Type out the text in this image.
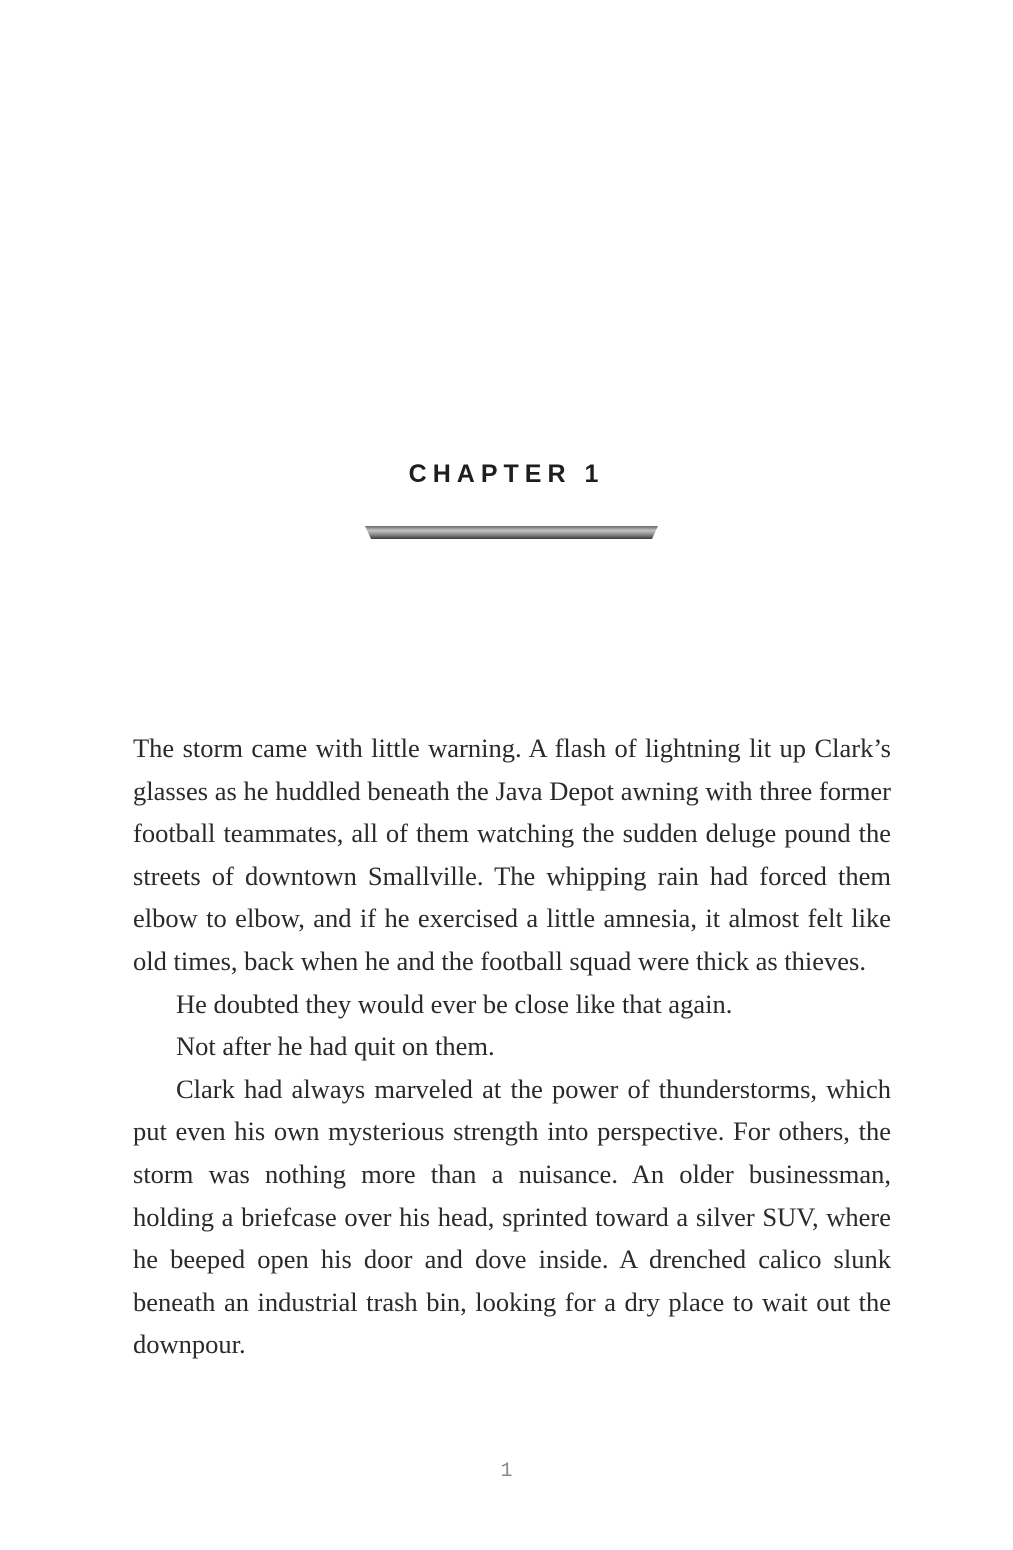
CHAPTER 1

The storm came with little warning. A flash of lightning lit up Clark’s glasses as he huddled beneath the Java Depot awning with three former football teammates, all of them watching the sudden deluge pound the streets of downtown Smallville. The whipping rain had forced them elbow to elbow, and if he exercised a little amnesia, it almost felt like old times, back when he and the football squad were thick as thieves.

He doubted they would ever be close like that again.

Not after he had quit on them.

Clark had always marveled at the power of thunderstorms, which put even his own mysterious strength into perspective. For others, the storm was nothing more than a nuisance. An older businessman, holding a briefcase over his head, sprinted toward a silver SUV, where he beeped open his door and dove inside. A drenched calico slunk beneath an industrial trash bin, looking for a dry place to wait out the downpour.

1
